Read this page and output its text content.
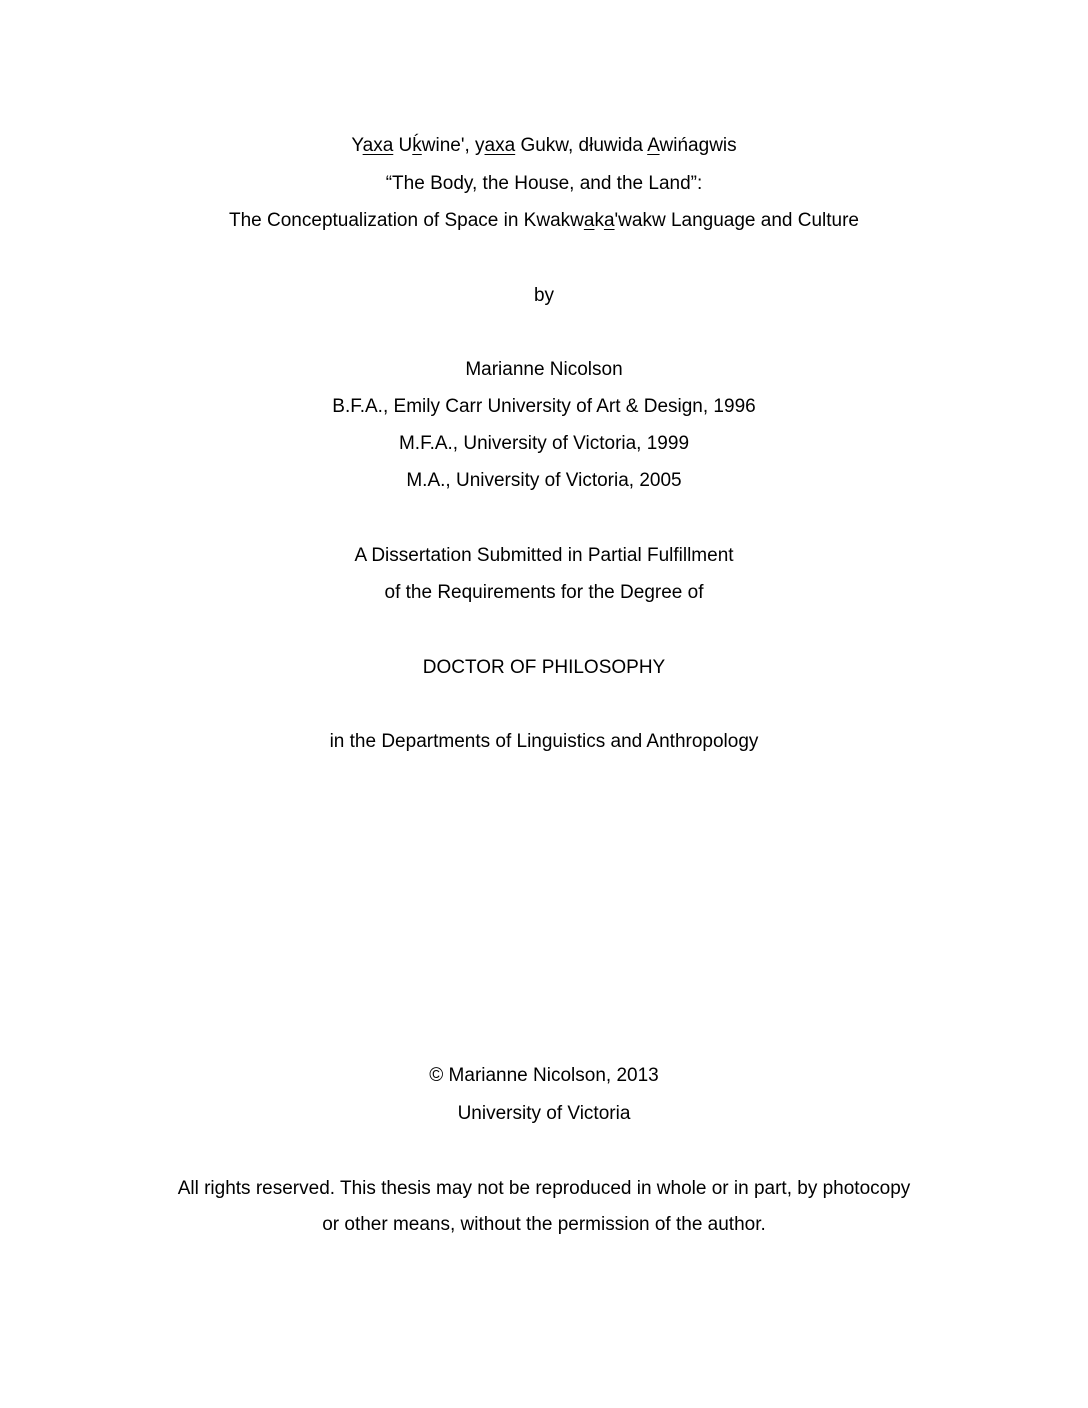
Yaxa Uḱwine', yaxa Gukw, dłuwida Awińagwis
“The Body, the House, and the Land”:
The Conceptualization of Space in Kwakwaka'wakw Language and Culture
by
Marianne Nicolson
B.F.A., Emily Carr University of Art & Design, 1996
M.F.A., University of Victoria, 1999
M.A., University of Victoria, 2005
A Dissertation Submitted in Partial Fulfillment
of the Requirements for the Degree of
DOCTOR OF PHILOSOPHY
in the Departments of Linguistics and Anthropology
© Marianne Nicolson, 2013
University of Victoria
All rights reserved. This thesis may not be reproduced in whole or in part, by photocopy
or other means, without the permission of the author.
